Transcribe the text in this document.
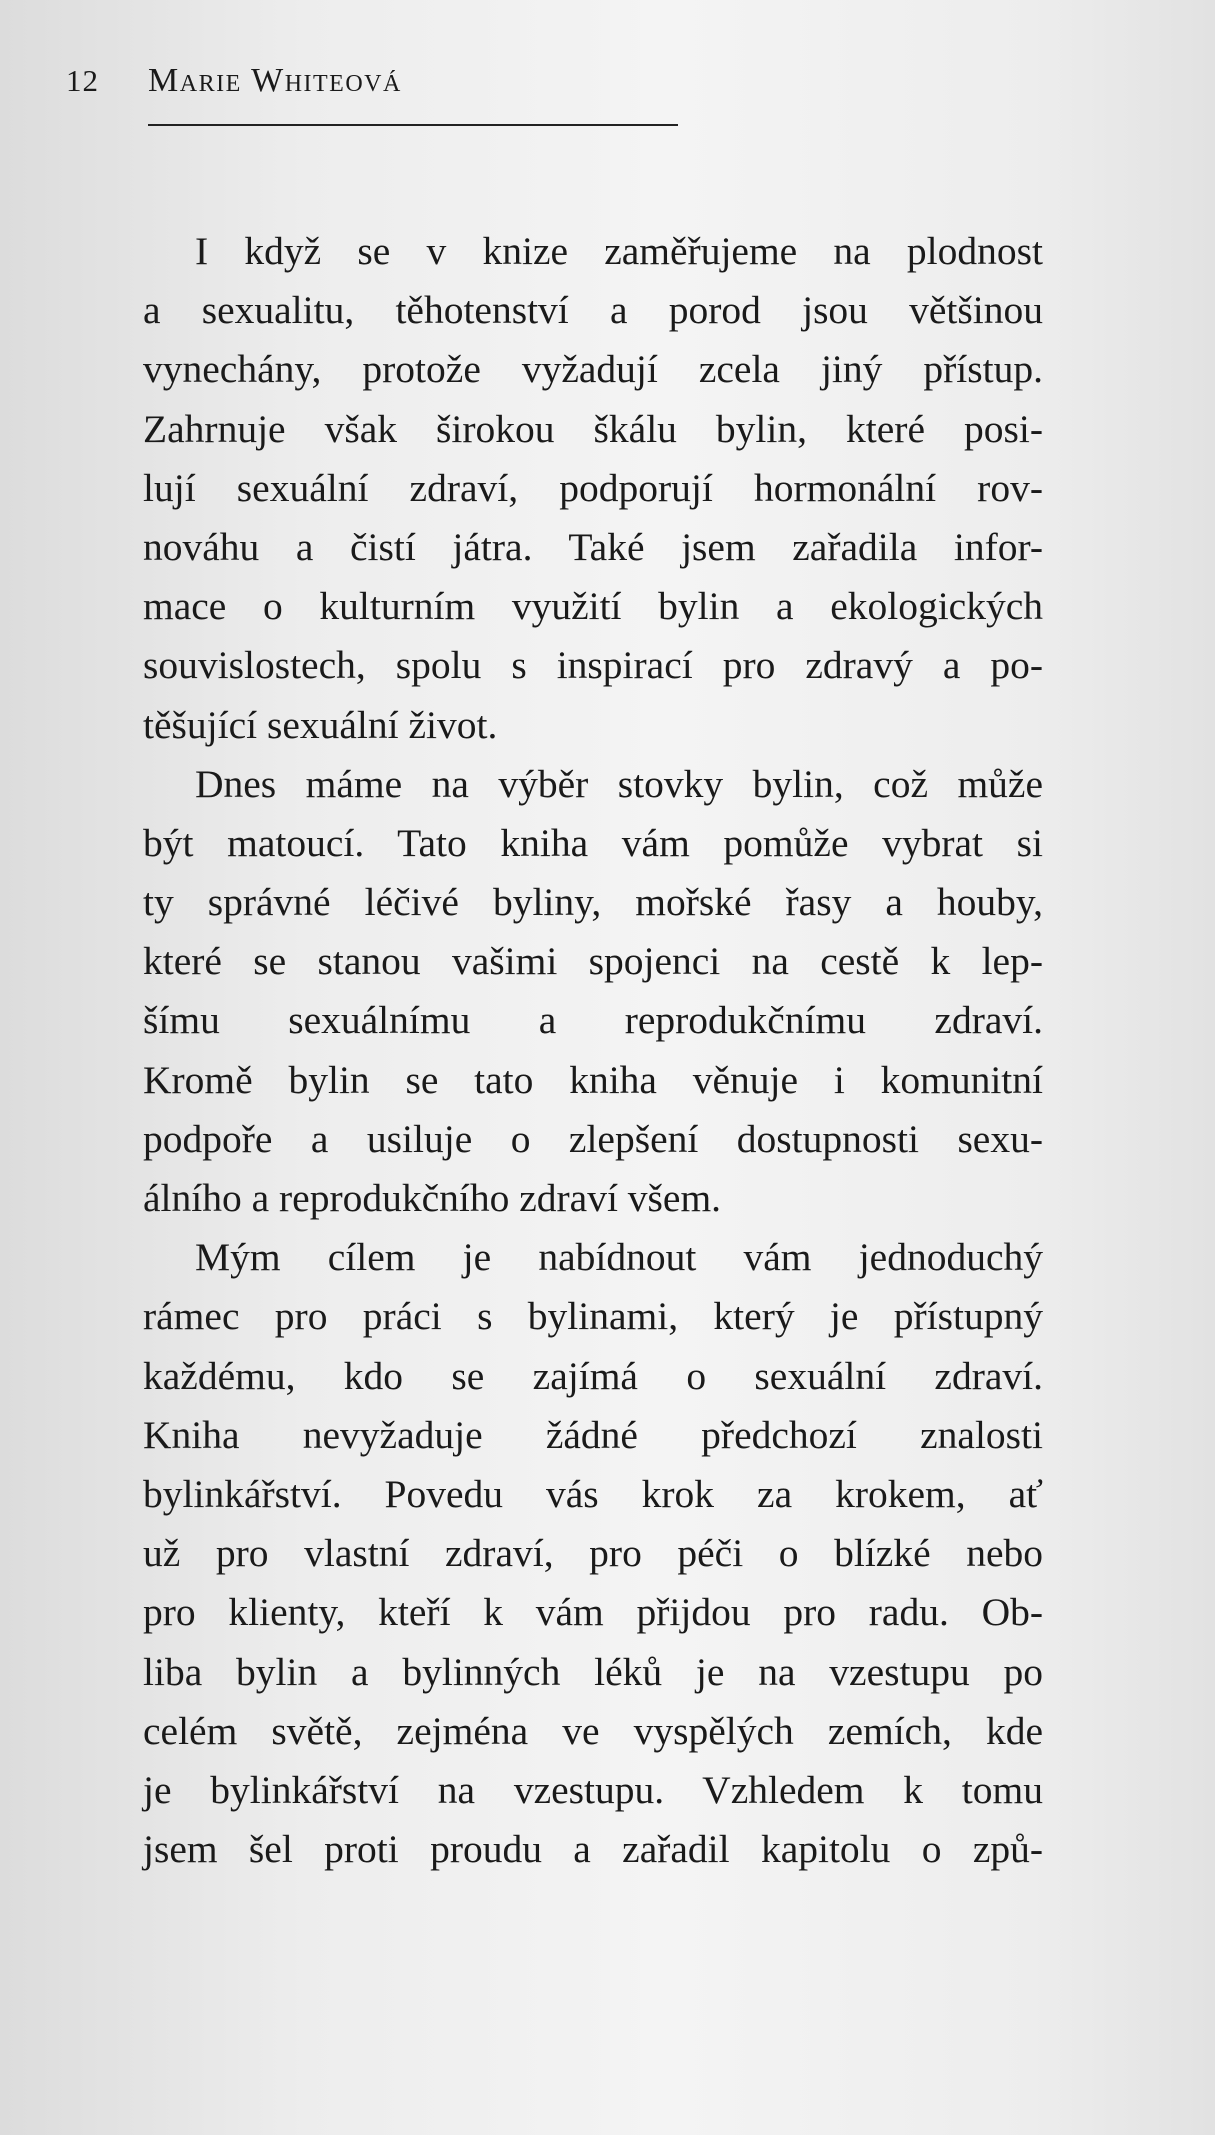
12	Marie Whiteová
I když se v knize zaměřujeme na plodnost
a sexualitu, těhotenství a porod jsou většinou
vynechány, protože vyžadují zcela jiný přístup.
Zahrnuje však širokou škálu bylin, které posi-
lují sexuální zdraví, podporují hormonální rov-
nováhu a čistí játra. Také jsem zařadila infor-
mace o kulturním využití bylin a ekologických
souvislostech, spolu s inspirací pro zdravý a po-
těšující sexuální život.
Dnes máme na výběr stovky bylin, což může
být matoucí. Tato kniha vám pomůže vybrat si
ty správné léčivé byliny, mořské řasy a houby,
které se stanou vašimi spojenci na cestě k lep-
šímu sexuálnímu a reprodukčnímu zdraví.
Kromě bylin se tato kniha věnuje i komunitní
podpoře a usiluje o zlepšení dostupnosti sexu-
álního a reprodukčního zdraví všem.
Mým cílem je nabídnout vám jednoduchý
rámec pro práci s bylinami, který je přístupný
každému, kdo se zajímá o sexuální zdraví.
Kniha nevyžaduje žádné předchozí znalosti
bylinkářství. Povedu vás krok za krokem, ať
už pro vlastní zdraví, pro péči o blízké nebo
pro klienty, kteří k vám přijdou pro radu. Ob-
liba bylin a bylinných léků je na vzestupu po
celém světě, zejména ve vyspělých zemích, kde
je bylinkářství na vzestupu. Vzhledem k tomu
jsem šel proti proudu a zařadil kapitolu o způ-
